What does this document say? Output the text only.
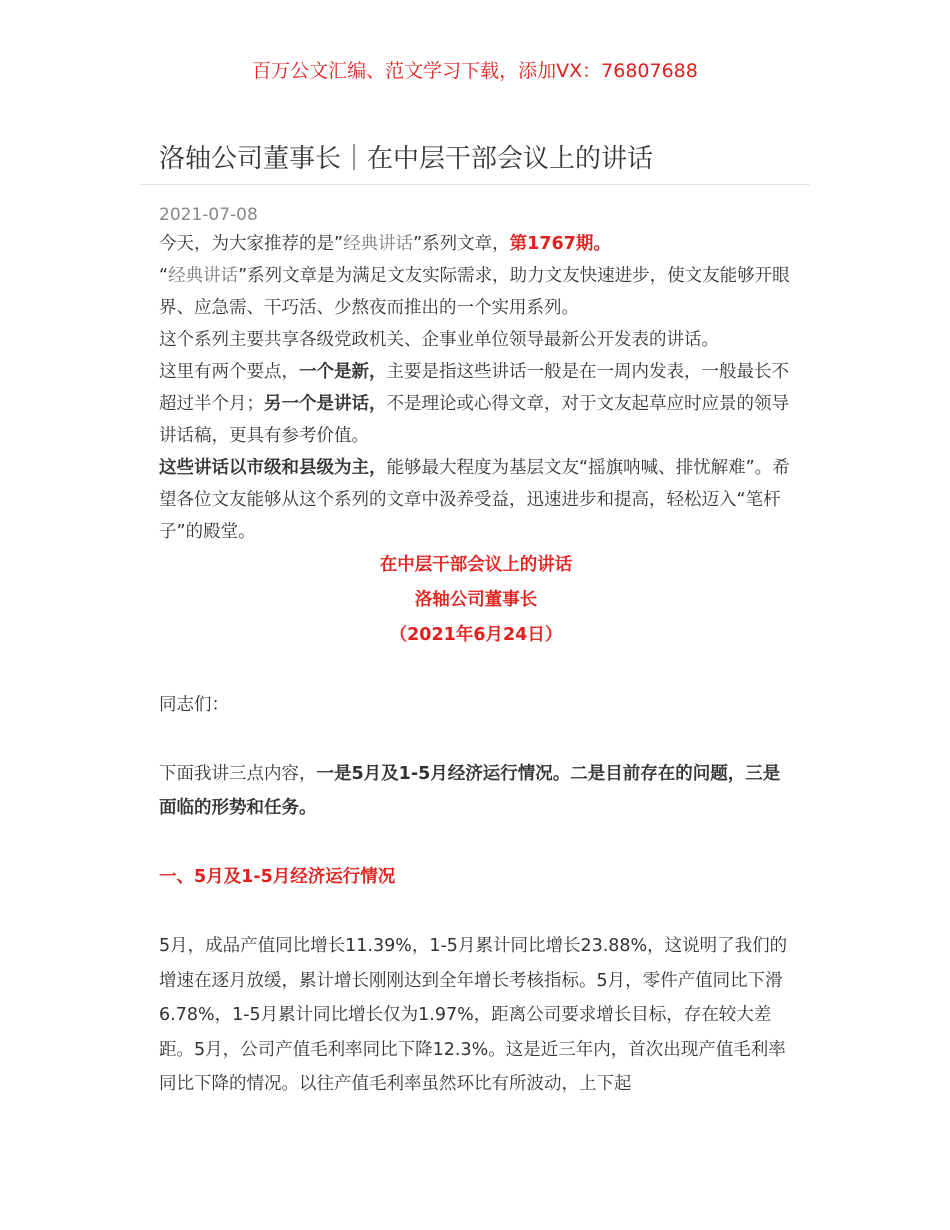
百万公文汇编、范文学习下载，添加VX：76807688
洛轴公司董事长｜在中层干部会议上的讲话
2021-07-08

今天，为大家推荐的是”经典讲话”系列文章，第1767期。

“经典讲话”系列文章是为满足文友实际需求，助力文友快速进步，使文友能够开眼界、应急需、干巧活、少熬夜而推出的一个实用系列。

这个系列主要共享各级党政机关、企事业单位领导最新公开发表的讲话。

这里有两个要点，一个是新，主要是指这些讲话一般是在一周内发表，一般最长不超过半个月；另一个是讲话，不是理论或心得文章，对于文友起草应时应景的领导讲话稿，更具有参考价值。

这些讲话以市级和县级为主，能够最大程度为基层文友“摇旗呐喊、排忧解难”。希望各位文友能够从这个系列的文章中汲养受益，迅速进步和提高，轻松迈入“笔杆子”的殿堂。

在中层干部会议上的讲话

洛轴公司董事长

（2021年6月24日）

同志们：

下面我讲三点内容，一是5月及1-5月经济运行情况。二是目前存在的问题，三是面临的形势和任务。

一、5月及1-5月经济运行情况

5月，成品产值同比增长11.39%，1-5月累计同比增长23.88%，这说明了我们的增速在逐月放缓，累计增长刚刚达到全年增长考核指标。5月，零件产值同比下滑6.78%，1-5月累计同比增长仅为1.97%，距离公司要求增长目标，存在较大差距。5月，公司产值毛利率同比下降12.3%。这是近三年内，首次出现产值毛利率同比下降的情况。以往产值毛利率虽然环比有所波动，上下起
